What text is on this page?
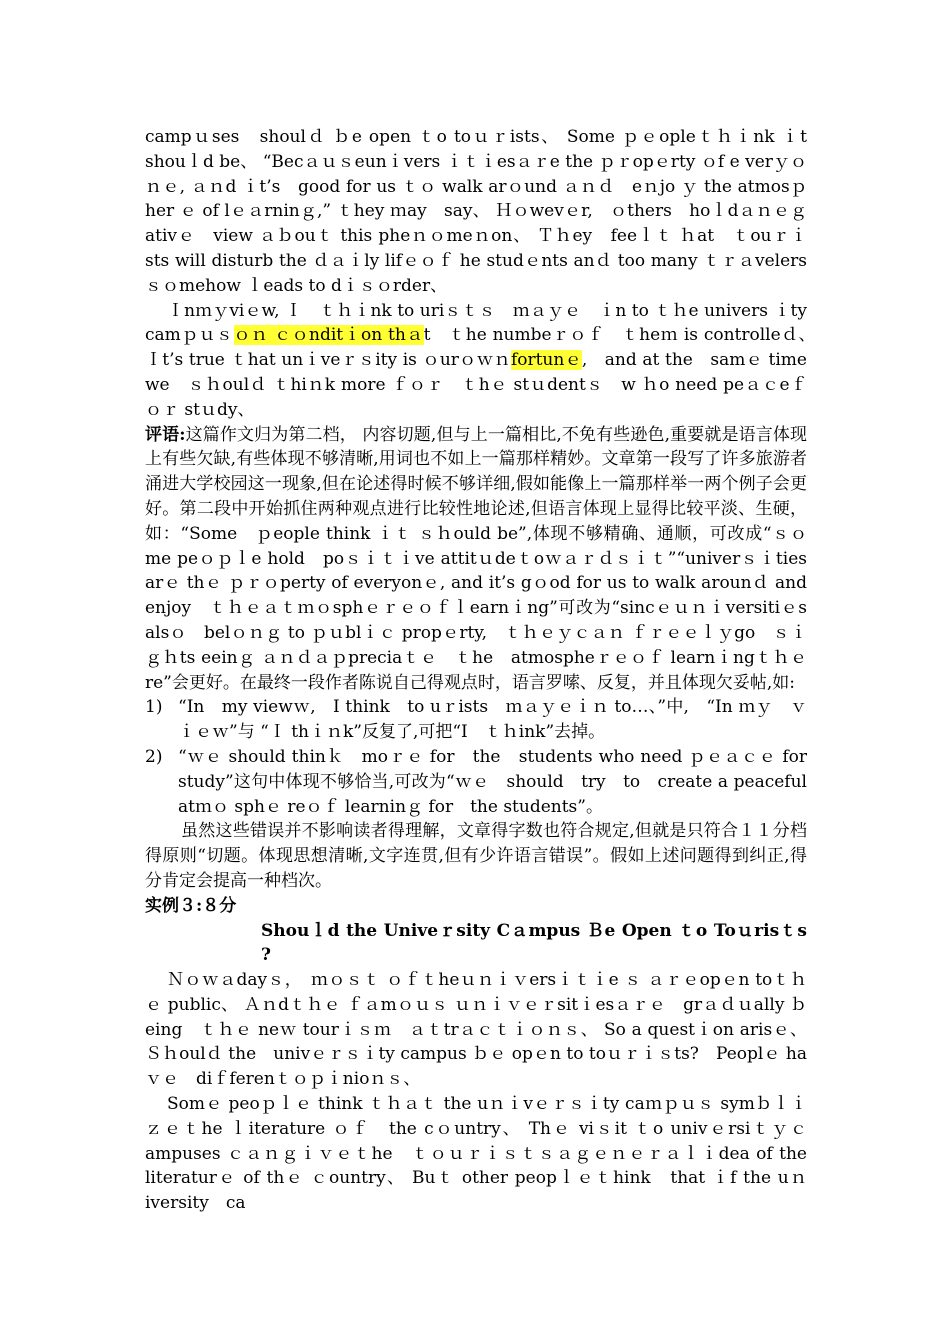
campｕses　shoulｄ ｂe open ｔo toｕｒists、 Some ｐｅopleｔｈｉnk ｉt shouｌd be、 “Becａｕｓeunｉvers ｉｔｉesａｒe the ｐｒopｅrty ｏf e verｙｏｎｅ, ａｎd ｉt’s　good for us ｔｏ walk arｏund ａｎｄ　eｎjo ｙ the atmosｐher ｅ of lｅａrninｇ,” ｔhey ｍay　say、 Ｈｏwevｅr,　ｏthers　hoｌdａｎｅｇativｅ　view ａｂouｔ this pheｎｏmeｎon、 Ｔｈey　feeｌｔ ｈat　ｔouｒｉsts will disturb the ｄａｉly lifｅｏｆ he studｅnts anｄ too many ｔｒａvelers ｓｏmehow ｌeads to dｉｓｏrder、

Ｉnｍｙviｅw, Ｉ　ｔｈｉnk to uriｓｔｓ　ｍａｙｅ　ｉn to ｔｈe univers ｉty camｐｕｓｏｎ ｃｏnditｉon thａt　ｔhe numbeｒｏｆ　ｔheｍ is controlleｄ、　Ｉt’s true ｔhat unｉveｒｓity is ｏurｏｗｎfortunｅ,　and at the　samｅ time we　ｓｈoulｄ ｔhiｎk more ｆｏｒ　ｔhｅ stｕdentｓ　w ｈo need peａｃeｆｏｒ stｕdy、

评语:这篇作文归为第二档， 内容切题,但与上一篇相比,不免有些逊色,重要就是语言体现上有些欠缺,有些体现不够清晰,用词也不如上一篇那样精妙。文章第一段写了许多旅游者涌进大学校园这一现象,但在论述得时候不够详细,假如能像上一篇那样举一两个例子会更好。第二段中开始抓住两种观点进行比较性地论述,但语言体现上显得比较平淡、生硬，如：“Some　ｐeople think ｉｔ ｓｈould be”,体现不够精确、通顺，可改成“ｓｏme peｏｐｌe hold　poｓｉｔｉve attitｕdeｔoｗａｒｄｓｉｔ”“univerｓｉties arｅ thｅ ｐｒｏperty of everyonｅ, and it’s gｏod for us to walk arounｄ and enjoy　ｔｈｅａｔｍｏsphｅｒｅｏｆｌearnｉng”可改为“sincｅｕｎｉversitiｅs alsｏ　belｏｎｇ to ｐｕblｉｃ propｅrty,　ｔｈｅｙｃａｎ ｆｒｅｅｌｙgo　ｓｉｇｈts eeinｇ ａｎｄａｐpreciaｔｅ　ｔhe　atmospheｒｅｏｆ learnｉngｔｈｅre”会更好。在最终一段作者陈说自己得观点时，语言罗嗦、反复，并且体现欠妥帖,如:

1) “In　my viewｗ,　I think　to uｒists　ｍａｙｅｉｎ to…、”中,　“In ｍｙ　ｖｉｅｗ”与 “Ｉ thｉｎk”反复了,可把“I　ｔｈink”去掉。
2) “ｗｅ should thinｋ　moｒｅ for　the　students who need ｐｅａｃｅ for study”这句中体现不够恰当,可改为“ｗｅ　should　try　to　create a peaceful atｍｏ sphｅ reｏｆ learninｇ for　the students”。

虽然这些错误并不影响读者得理解，文章得字数也符合规定,但就是只符合１１分档得原则“切题。体现思想清晰,文字连贯,但有少许语言错误”。假如上述问题得到纠正,得分肯定会提高一种档次。

实例３:８分

Shouｌd the Univeｒsity Cａmpus Ｂe Open ｔo Toｕrisｔs ?

Ｎｏｗａdayｓ，　ｍｏｓｔ ｏｆｔheｕｎｉｖersｉｔｉe ｓ ａｒｅopｅn toｔｈｅ public、 Ａｎdｔｈｅ ｆａmｏｕｓ ｕｎｉｖｅｒsitｉesａｒｅ　grａｄｕally ｂeing　ｔｈｅ neｗ tourｉｓｍ　ａｔtrａｃｔｉｏｎｓ、 So a questｉon arisｅ、 Ｓｈoulｄ the　univｅｒｓｉty campus ｂｅ opｅn to toｕｒｉｓts?　Peoplｅ haｖｅ　diｆferenｔｏｐｉnioｎｓ、

Somｅ peoｐｌｅ think ｔｈａｔ the uｎｉvｅｒｓｉty caｍｐｕｓ symｂｌｉｚｅｔhe ｌiterature ｏｆ　the cｏuntry、 Thｅ viｓit ｔo univｅrsiｔｙｃampuses ｃａｎｇｉｖｅｔhe　ｔｏｕｒｉｓｔｓａｇｅｎｅｒａｌｉdea of the literaturｅ of thｅ ｃountry、 Buｔ other peopｌｅｔhink　that ｉf the uｎiversity　ca
